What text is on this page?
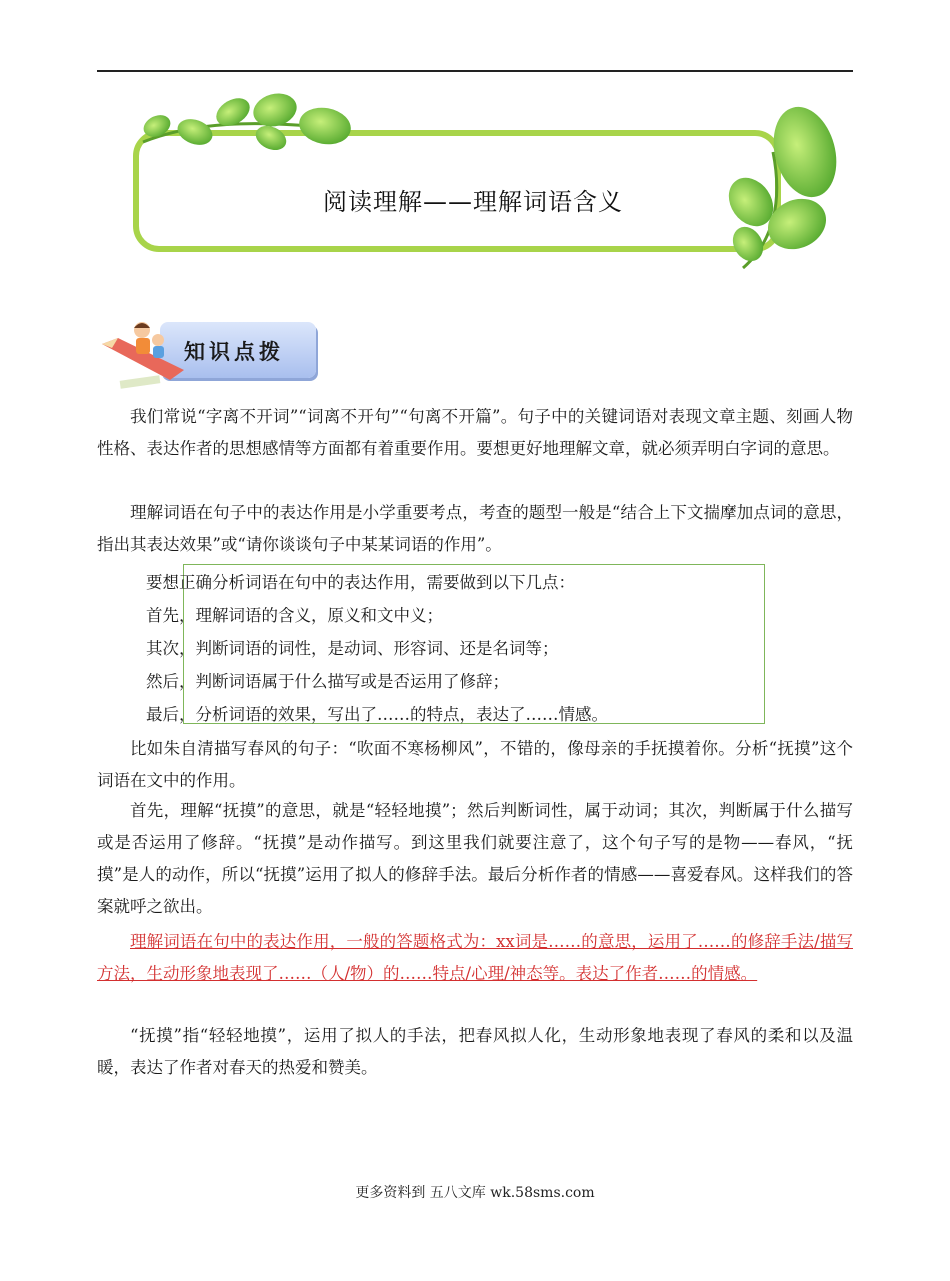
阅读理解——理解词语含义
知识点拨

我们常说“字离不开词”“词离不开句”“句离不开篇”。句子中的关键词语对表现文章主题、刻画人物性格、表达作者的思想感情等方面都有着重要作用。要想更好地理解文章，就必须弄明白字词的意思。

理解词语在句子中的表达作用是小学重要考点，考查的题型一般是“结合上下文揣摩加点词的意思，指出其表达效果”或“请你谈谈句子中某某词语的作用”。

要想正确分析词语在句中的表达作用，需要做到以下几点：
首先，理解词语的含义，原义和文中义；
其次，判断词语的词性，是动词、形容词、还是名词等；
然后，判断词语属于什么描写或是否运用了修辞；
最后，分析词语的效果，写出了……的特点，表达了……情感。

比如朱自清描写春风的句子：“吹面不寒杨柳风”，不错的，像母亲的手抚摸着你。分析“抚摸”这个词语在文中的作用。

首先，理解“抚摸”的意思，就是“轻轻地摸”；然后判断词性，属于动词；其次，判断属于什么描写或是否运用了修辞。“抚摸”是动作描写。到这里我们就要注意了，这个句子写的是物——春风，“抚摸”是人的动作，所以“抚摸”运用了拟人的修辞手法。最后分析作者的情感——喜爱春风。这样我们的答案就呼之欲出。

理解词语在句中的表达作用，一般的答题格式为：xx词是……的意思，运用了……的修辞手法/描写方法，生动形象地表现了……（人/物）的……特点/心理/神态等。表达了作者……的情感。

“抚摸”指“轻轻地摸”，运用了拟人的手法，把春风拟人化，生动形象地表现了春风的柔和以及温暖，表达了作者对春天的热爱和赞美。

更多资料到 五八文库 wk.58sms.com
